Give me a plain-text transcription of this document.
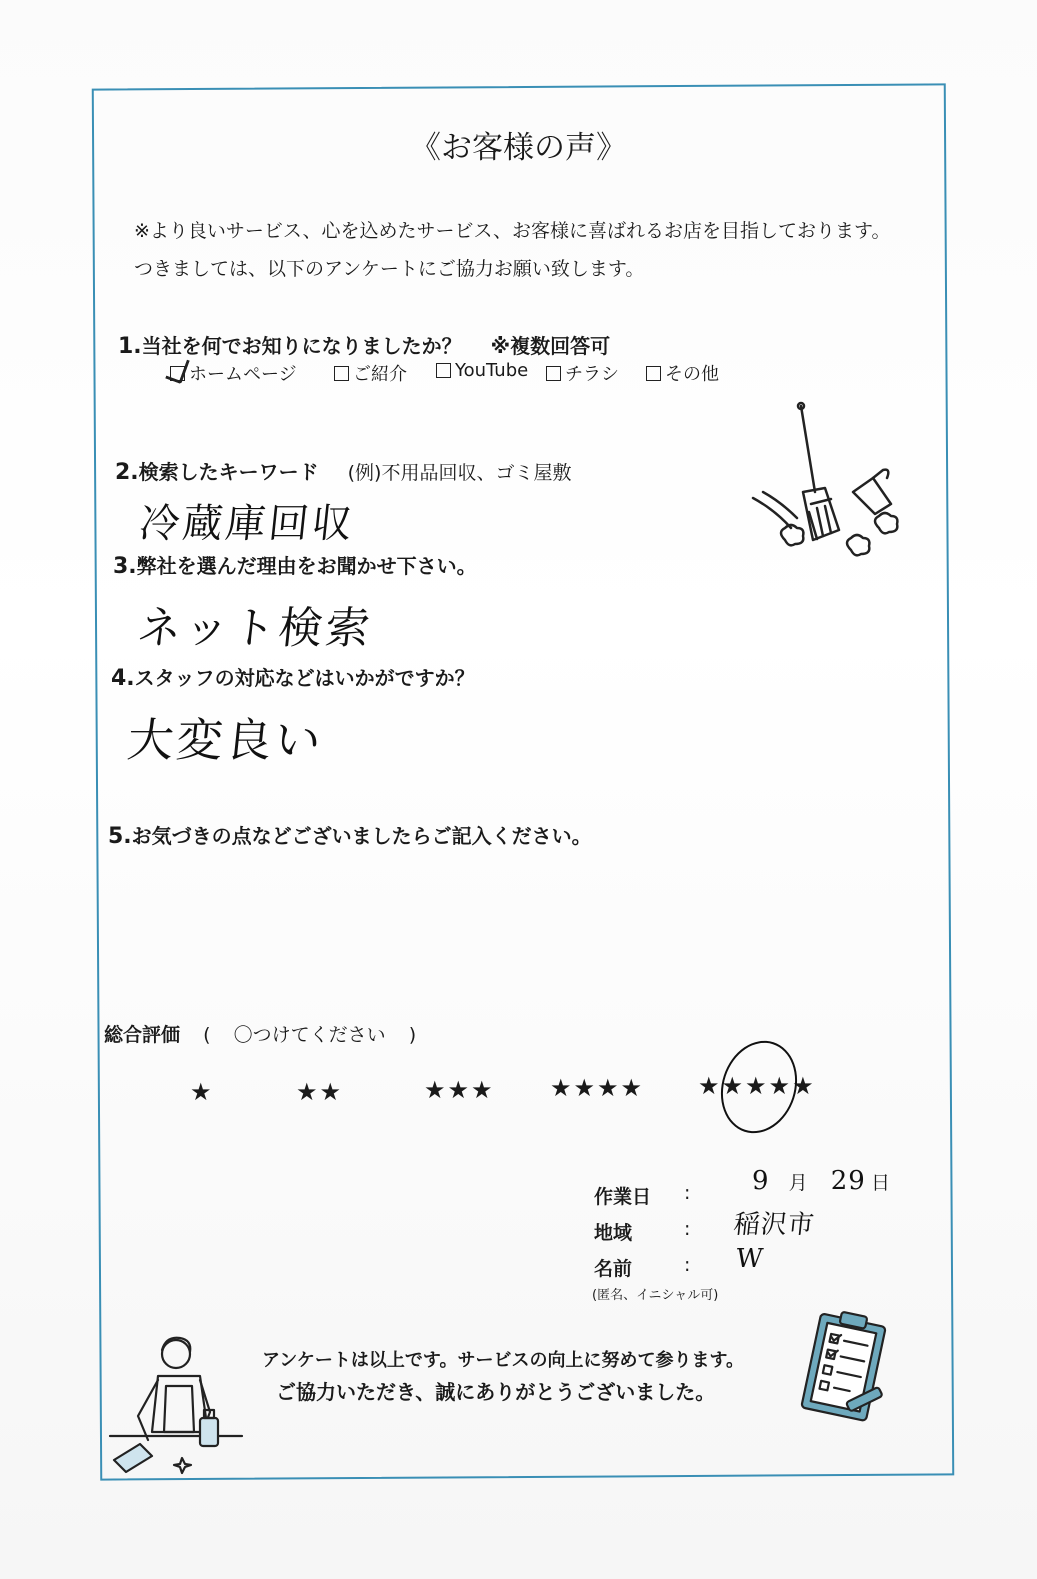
《お客様の声》
※より良いサービス、心を込めたサービス、お客様に喜ばれるお店を目指しております。
つきましては、以下のアンケートにご協力お願い致します。
1.当社を何でお知りになりましたか？ ※複数回答可
ホームページ	ご紹介	YouTube チラシ	その他
2.検索したキーワード (例)不用品回収、ゴミ屋敷
冷蔵庫回収
3.弊社を選んだ理由をお聞かせ下さい。
ネット検索
4.スタッフの対応などはいかがですか？
大変良い
5.お気づきの点などございましたらご記入ください。
総合評価 ( 〇つけてください )
★	★★	★★★ ★★★★ ★★★★★
作業日 : 9 月 29 日
地域	: 稲沢市
名前	: W
(匿名、イニシャル可)
アンケートは以上です。サービスの向上に努めて参ります。
ご協力いただき、誠にありがとうございました。
